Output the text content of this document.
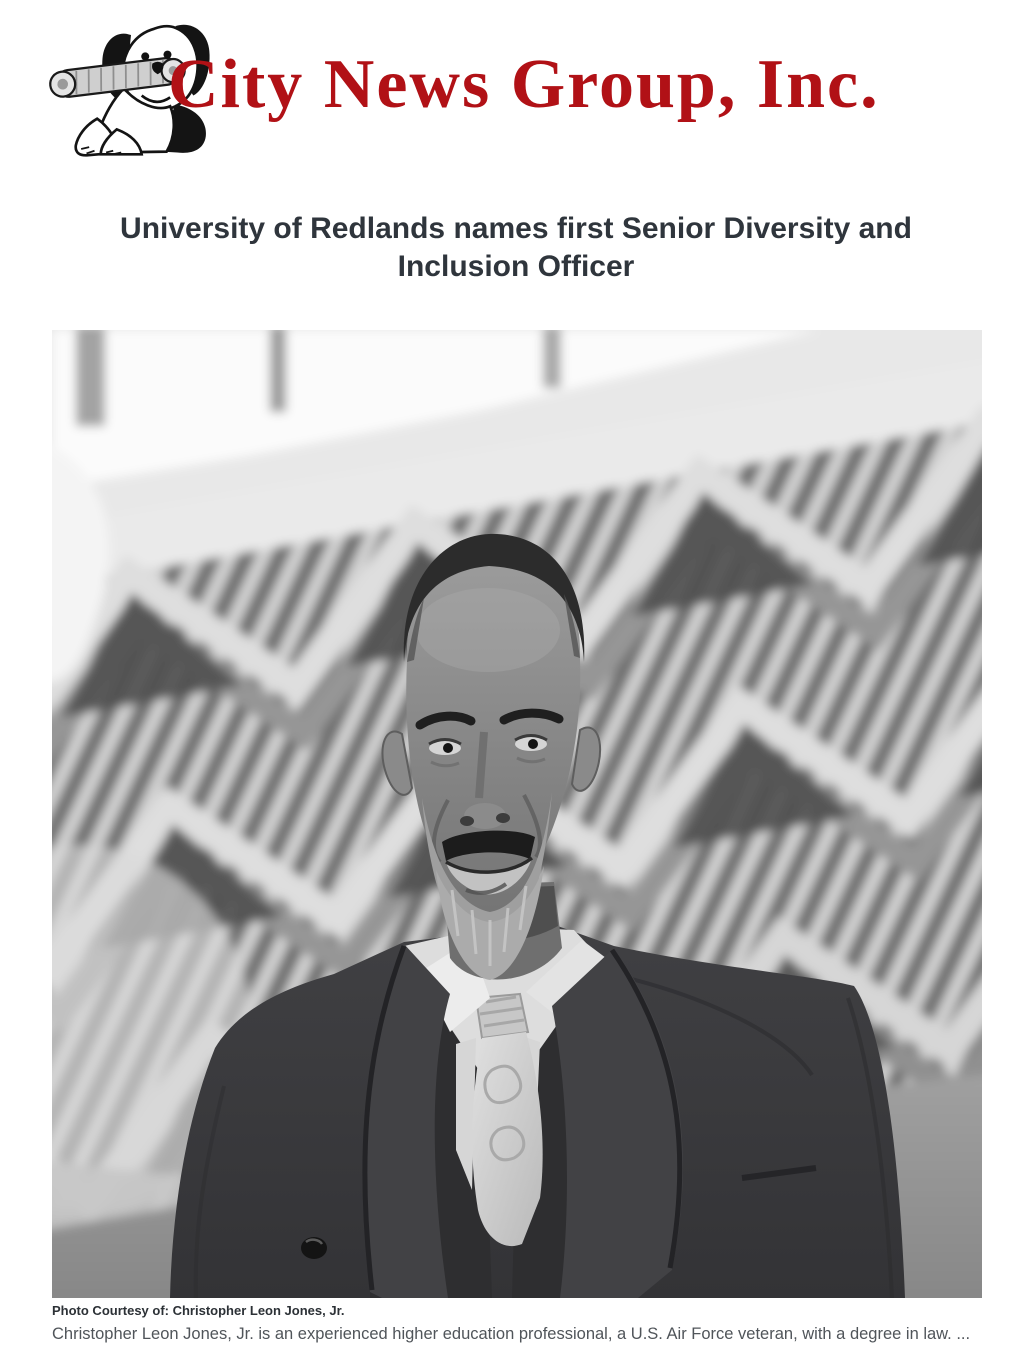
City News Group, Inc.
University of Redlands names first Senior Diversity and Inclusion Officer

Photo Courtesy of: Christopher Leon Jones, Jr.

Christopher Leon Jones, Jr. is an experienced higher education professional, a U.S. Air Force veteran, with a degree in law. ...
